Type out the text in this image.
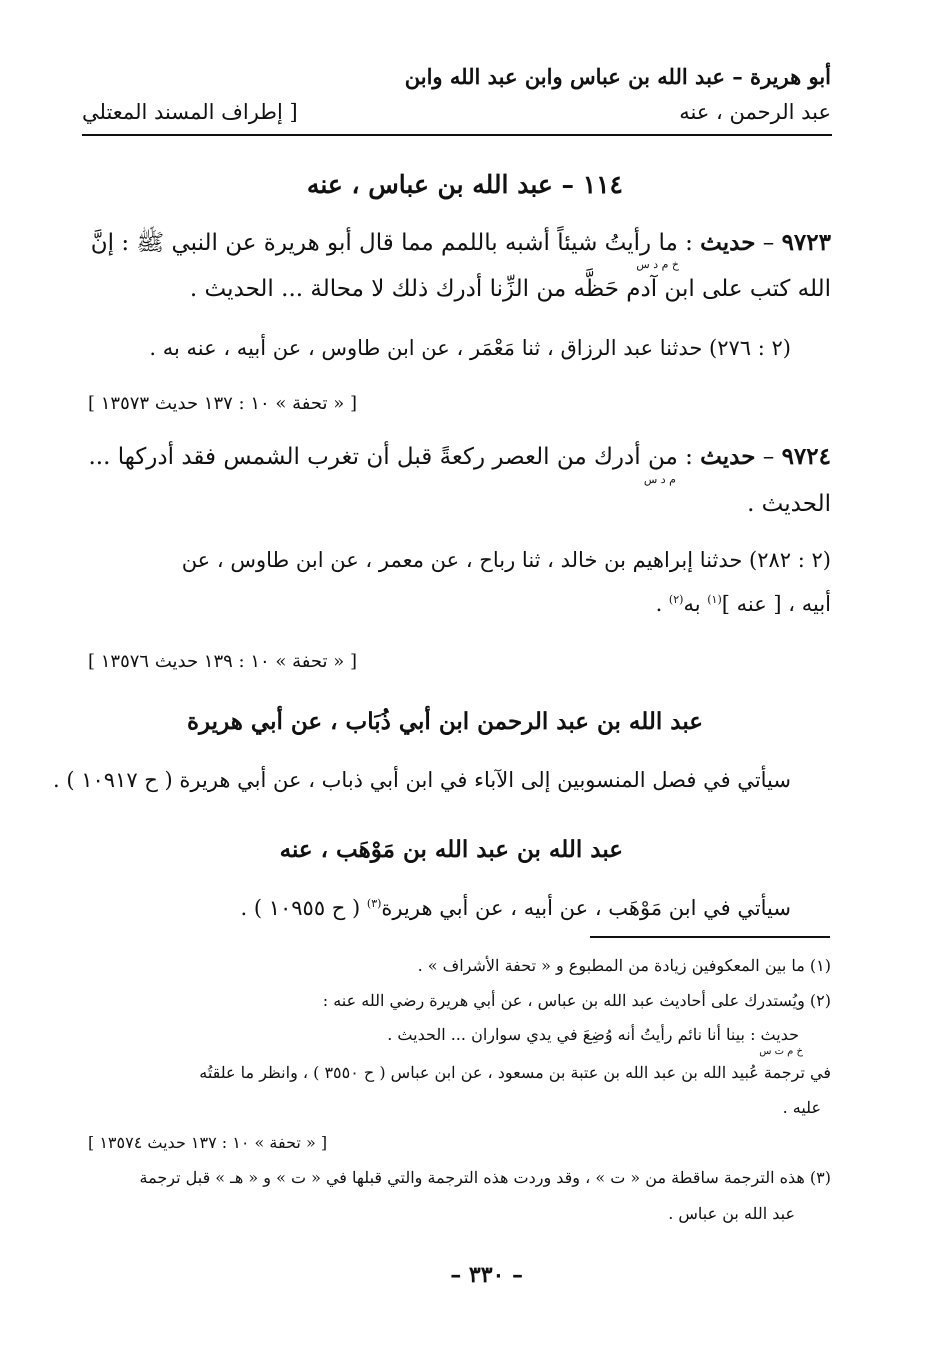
أبو هريرة – عبد الله بن عباس وابن عبد الله وابن
عبد الرحمن ، عنه
[ إطراف المسند المعتلي
١١٤ – عبد الله بن عباس ، عنه
٩٧٢٣ – حديث : ما رأيتُ شيئاً أشبه باللمم مما قال أبو هريرة عن النبي ﷺ : إنَّ
خ م د س
الله كتب على ابن آدم حَظَّه من الزِّنا أدرك ذلك لا محالة ... الحديث .
(٢ : ٢٧٦) حدثنا عبد الرزاق ، ثنا مَعْمَر ، عن ابن طاوس ، عن أبيه ، عنه به .
[ « تحفة » ١٠ : ١٣٧ حديث ١٣٥٧٣ ]
٩٧٢٤ – حديث : من أدرك من العصر ركعةً قبل أن تغرب الشمس فقد أدركها ...
م د س
الحديث .
(٢ : ٢٨٢) حدثنا إبراهيم بن خالد ، ثنا رباح ، عن معمر ، عن ابن طاوس ، عن
أبيه ، [ عنه ]$^{(١)}$ به$^{(٢)}$ .
[ « تحفة » ١٠ : ١٣٩ حديث ١٣٥٧٦ ]
عبد الله بن عبد الرحمن ابن أبي ذُبَاب ، عن أبي هريرة
سيأتي في فصل المنسوبين إلى الآباء في ابن أبي ذباب ، عن أبي هريرة ( ح ١٠٩١٧ ) .
عبد الله بن عبد الله بن مَوْهَب ، عنه
سيأتي في ابن مَوْهَب ، عن أبيه ، عن أبي هريرة$^{(٣)}$ ( ح ١٠٩٥٥ ) .
(١) ما بين المعكوفين زيادة من المطبوع و « تحفة الأشراف » .
(٢) ويُستدرك على أحاديث عبد الله بن عباس ، عن أبي هريرة رضي الله عنه :
حديث : بينا أنا نائم رأيتُ أنه وُضِعَ في يدي سواران ... الحديث .
خ م ت س
في ترجمة عُبيد الله بن عبد الله بن عتبة بن مسعود ، عن ابن عباس ( ح ٣٥٥٠ ) ، وانظر ما علقتُه
عليه .
[ « تحفة » ١٠ : ١٣٧ حديث ١٣٥٧٤ ]
(٣) هذه الترجمة ساقطة من « ت » ، وقد وردت هذه الترجمة والتي قبلها في « ت » و « هـ » قبل ترجمة
عبد الله بن عباس .
– ٣٣٠ –
